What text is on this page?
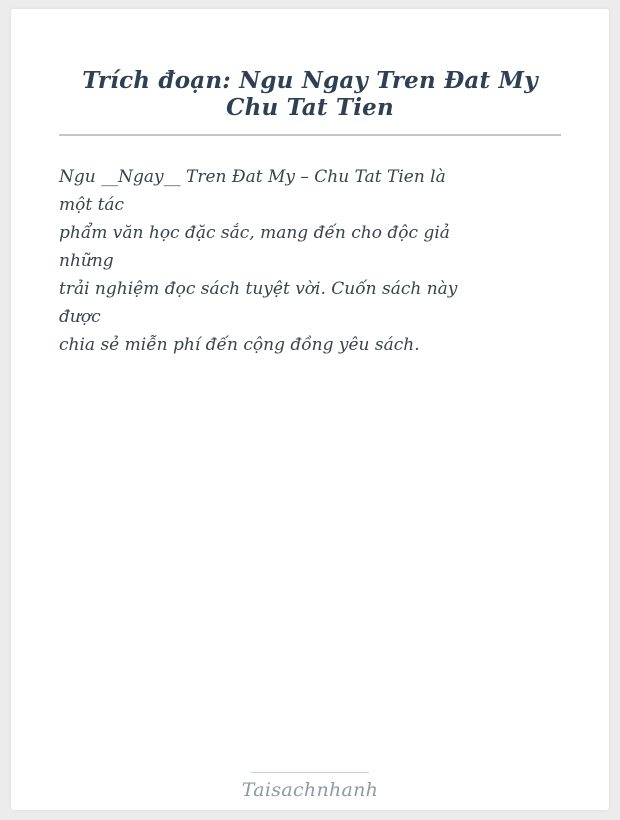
Trích đoạn: Ngu Ngay Tren Đat My Chu Tat Tien
Ngu __Ngay__ Tren Đat My – Chu Tat Tien là
một tác
phẩm văn học đặc sắc, mang đến cho độc giả
những
trải nghiệm đọc sách tuyệt vời. Cuốn sách này
được
chia sẻ miễn phí đến cộng đồng yêu sách.
Taisachnhanh
